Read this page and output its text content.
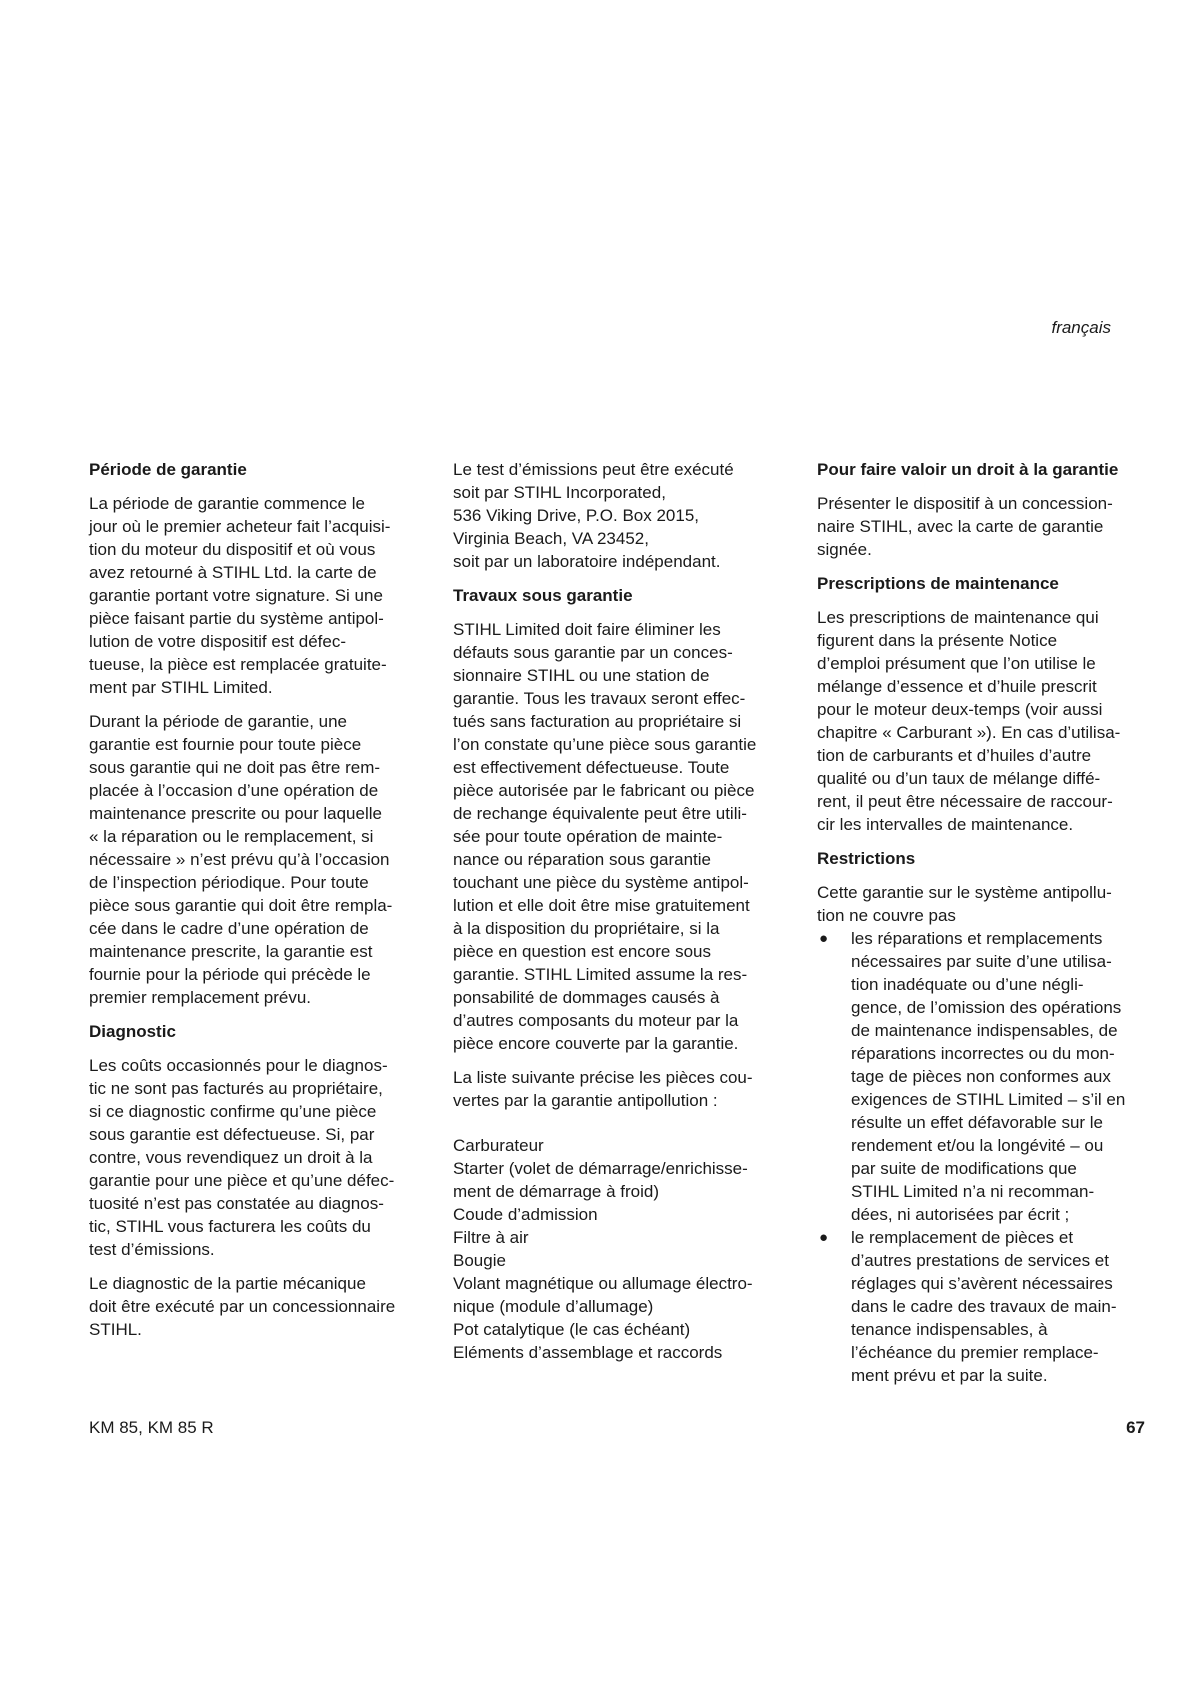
français
Période de garantie

La période de garantie commence le
jour où le premier acheteur fait l’acquisi-
tion du moteur du dispositif et où vous
avez retourné à STIHL Ltd. la carte de
garantie portant votre signature. Si une
pièce faisant partie du système antipol-
lution de votre dispositif est défec-
tueuse, la pièce est remplacée gratuite-
ment par STIHL Limited.

Durant la période de garantie, une
garantie est fournie pour toute pièce
sous garantie qui ne doit pas être rem-
placée à l’occasion d’une opération de
maintenance prescrite ou pour laquelle
« la réparation ou le remplacement, si
nécessaire » n’est prévu qu’à l’occasion
de l’inspection périodique. Pour toute
pièce sous garantie qui doit être rempla-
cée dans le cadre d’une opération de
maintenance prescrite, la garantie est
fournie pour la période qui précède le
premier remplacement prévu.

Diagnostic

Les coûts occasionnés pour le diagnos-
tic ne sont pas facturés au propriétaire,
si ce diagnostic confirme qu’une pièce
sous garantie est défectueuse. Si, par
contre, vous revendiquez un droit à la
garantie pour une pièce et qu’une défec-
tuosité n’est pas constatée au diagnos-
tic, STIHL vous facturera les coûts du
test d’émissions.

Le diagnostic de la partie mécanique
doit être exécuté par un concessionnaire
STIHL.

Le test d’émissions peut être exécuté
soit par STIHL Incorporated,
536 Viking Drive, P.O. Box 2015,
Virginia Beach, VA 23452,
soit par un laboratoire indépendant.

Travaux sous garantie

STIHL Limited doit faire éliminer les
défauts sous garantie par un conces-
sionnaire STIHL ou une station de
garantie. Tous les travaux seront effec-
tués sans facturation au propriétaire si
l’on constate qu’une pièce sous garantie
est effectivement défectueuse. Toute
pièce autorisée par le fabricant ou pièce
de rechange équivalente peut être utili-
sée pour toute opération de mainte-
nance ou réparation sous garantie
touchant une pièce du système antipol-
lution et elle doit être mise gratuitement
à la disposition du propriétaire, si la
pièce en question est encore sous
garantie. STIHL Limited assume la res-
ponsabilité de dommages causés à
d’autres composants du moteur par la
pièce encore couverte par la garantie.

La liste suivante précise les pièces cou-
vertes par la garantie antipollution :

Carburateur
Starter (volet de démarrage/enrichisse-
ment de démarrage à froid)
Coude d’admission
Filtre à air
Bougie
Volant magnétique ou allumage électro-
nique (module d’allumage)
Pot catalytique (le cas échéant)
Eléments d’assemblage et raccords
Pour faire valoir un droit à la garantie

Présenter le dispositif à un concession-
naire STIHL, avec la carte de garantie
signée.

Prescriptions de maintenance

Les prescriptions de maintenance qui
figurent dans la présente Notice
d’emploi présument que l’on utilise le
mélange d’essence et d’huile prescrit
pour le moteur deux-temps (voir aussi
chapitre « Carburant »). En cas d’utilisa-
tion de carburants et d’huiles d’autre
qualité ou d’un taux de mélange diffé-
rent, il peut être nécessaire de raccour-
cir les intervalles de maintenance.

Restrictions

Cette garantie sur le système antipollu-
tion ne couvre pas

● les réparations et remplacements
nécessaires par suite d’une utilisa-
tion inadéquate ou d’une négli-
gence, de l’omission des opérations
de maintenance indispensables, de
réparations incorrectes ou du mon-
tage de pièces non conformes aux
exigences de STIHL Limited – s’il en
résulte un effet défavorable sur le
rendement et/ou la longévité – ou
par suite de modifications que
STIHL Limited n’a ni recomman-
dées, ni autorisées par écrit ;
● le remplacement de pièces et
d’autres prestations de services et
réglages qui s’avèrent nécessaires
dans le cadre des travaux de main-
tenance indispensables, à
l’échéance du premier remplace-
ment prévu et par la suite.
KM 85, KM 85 R	67
